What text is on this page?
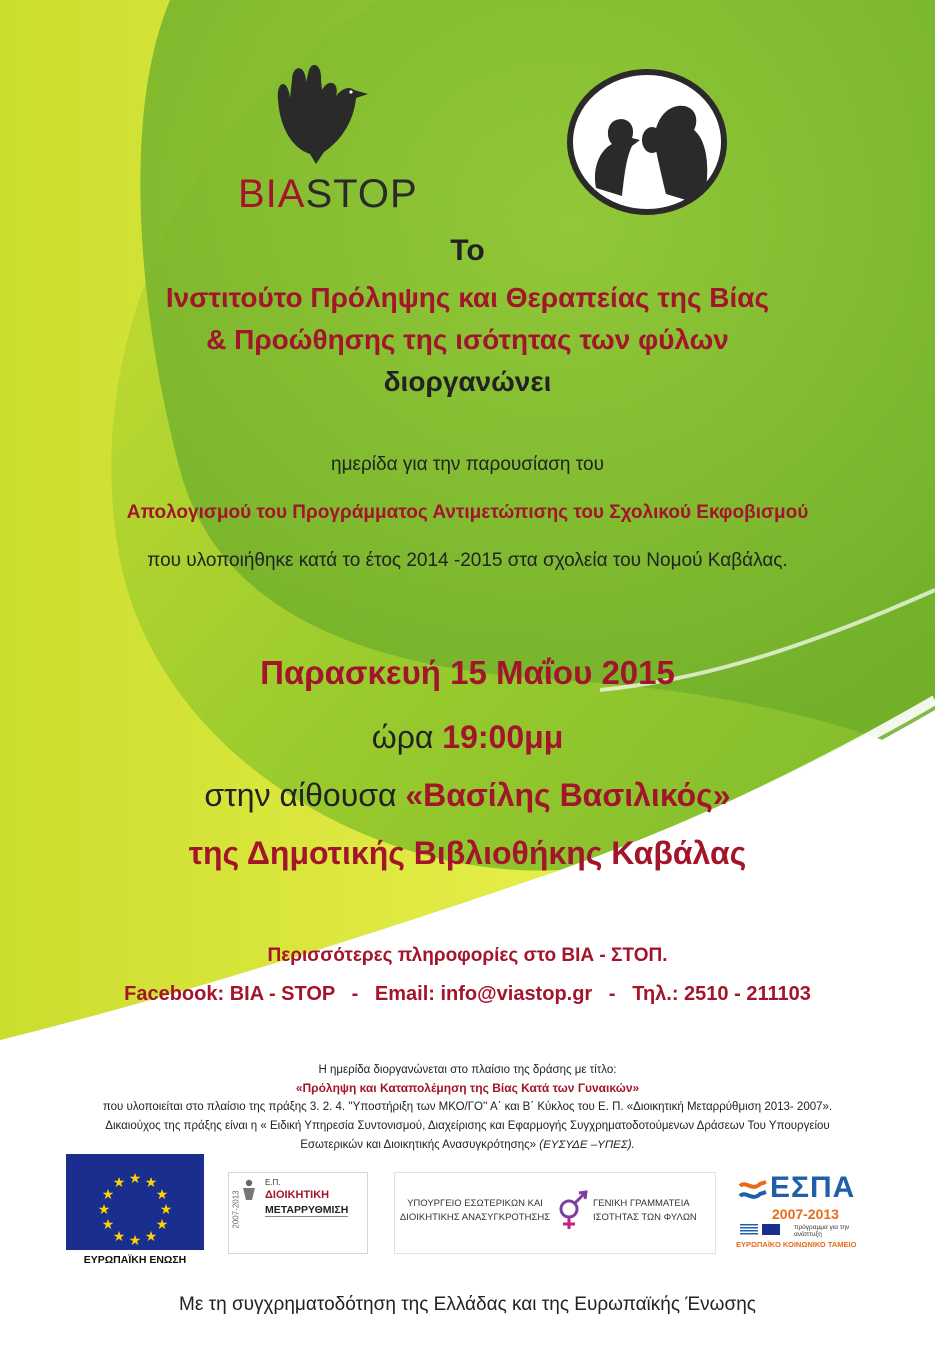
BIASTOP
Το
Ινστιτούτο Πρόληψης και Θεραπείας της Βίας
& Προώθησης της ισότητας των φύλων
διοργανώνει
ημερίδα για την παρουσίαση του
Απολογισμού του Προγράμματος Αντιμετώπισης του Σχολικού Εκφοβισμού
που υλοποιήθηκε κατά το έτος 2014 -2015 στα σχολεία του Νομού Καβάλας.
Παρασκευή 15 Μαΐου 2015
ώρα 19:00μμ
στην αίθουσα «Βασίλης Βασιλικός»
της Δημοτικής Βιβλιοθήκης Καβάλας
Περισσότερες πληροφορίες στο ΒΙΑ - ΣΤΟΠ.
Facebook: BIA - STOP   -   Email: info@viastop.gr   -   Τηλ.: 2510 - 211103
Η ημερίδα διοργανώνεται στο πλαίσιο της δράσης με τίτλο:
«Πρόληψη και Καταπολέμηση της Βίας Κατά των Γυναικών»
που υλοποιείται στο πλαίσιο της πράξης 3. 2. 4. ''Υποστήριξη των ΜΚΟ/ΓΟ'' Α΄ και Β΄ Κύκλος του Ε. Π. «Διοικητική Μεταρρύθμιση 2013- 2007».
Δικαιούχος της πράξης είναι η « Ειδική Υπηρεσία Συντονισμού, Διαχείρισης και Εφαρμογής Συγχρηματοδοτούμενων Δράσεων Του Υπουργείου
Εσωτερικών και Διοικητικής Ανασυγκρότησης» (ΕΥΣΥΔΕ –ΥΠΕΣ).
★ ★
★
★
★
★
★
★
★
★
★
★
ΕΥΡΩΠΑΪΚΗ ΕΝΩΣΗ
2007-2013
Ε.Π.
ΔΙΟΙΚΗΤΙΚΗ
ΜΕΤΑΡΡΥΘΜΙΣΗ
ΥΠΟΥΡΓΕΙΟ ΕΣΩΤΕΡΙΚΩΝ ΚΑΙ
ΔΙΟΙΚΗΤΙΚΗΣ ΑΝΑΣΥΓΚΡΟΤΗΣΗΣ
ΓΕΝΙΚΗ ΓΡΑΜΜΑΤΕΙΑ
ΙΣΟΤΗΤΑΣ ΤΩΝ ΦΥΛΩΝ
ΕΣΠΑ
2007-2013
πρόγραμμα για την ανάπτυξη
ΕΥΡΩΠΑΪΚΟ ΚΟΙΝΩΝΙΚΟ ΤΑΜΕΙΟ
Με τη συγχρηματοδότηση της Ελλάδας και της Ευρωπαϊκής Ένωσης
